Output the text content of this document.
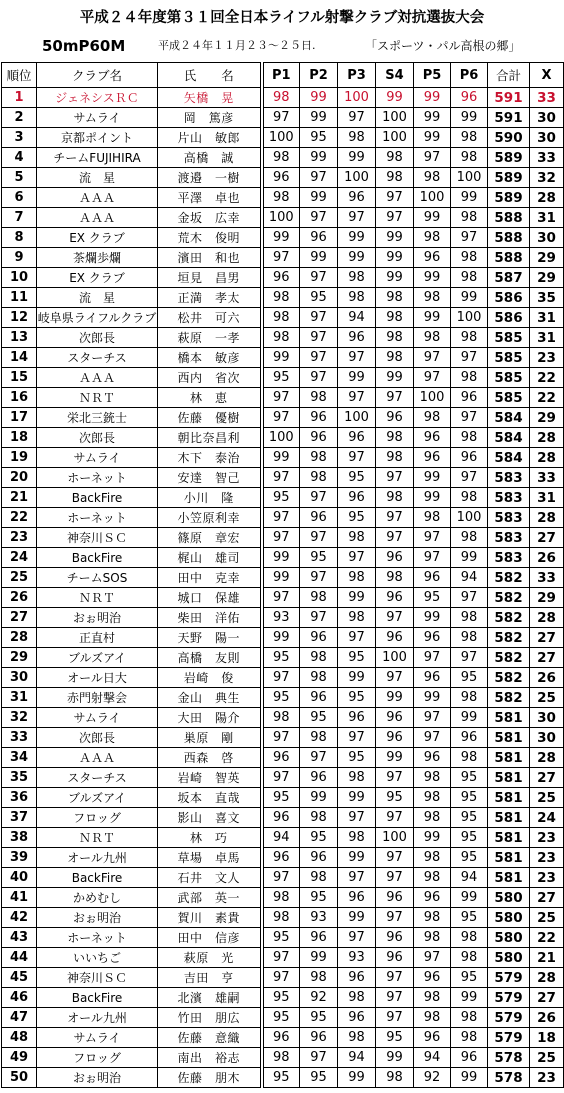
平成２４年度第３１回全日本ライフル射撃クラブ対抗選抜大会
50mP60M	平成２４年１１月２３～２５日.	「スポーツ・パル高根の郷」
順位	クラブ名	氏　　名	P1	P2	P3	S4	P5	P6	合計	X
1	ジェネシスＲＣ	矢橋　晃	98	99	100	99	99	96	591	33
2	サムライ	岡　篤彦	97	99	97	100	99	99	591	30
3	京都ポイント	片山　敏郎	100	95	98	100	99	98	590	30
4	チームFUJIHIRA	高橋　誠	98	99	99	98	97	98	589	33
5	流　星	渡邉　一樹	96	97	100	98	98	100	589	32
6	ＡＡＡ	平澤　卓也	98	99	96	97	100	99	589	28
7	ＡＡＡ	金坂　広幸	100	97	97	97	99	98	588	31
8	EX クラブ	荒木　俊明	99	96	99	99	98	97	588	30
9	茶爛歩爛	濱田　和也	97	99	99	99	96	98	588	29
10	EX クラブ	垣見　昌男	96	97	98	99	99	98	587	29
11	流　星	正満　孝太	98	95	98	98	98	99	586	35
12	岐阜県ライフルクラブ	松井　可六	98	97	94	98	99	100	586	31
13	次郎長	萩原　一孝	98	97	96	98	98	98	585	31
14	スターチス	橋本　敏彦	99	97	97	98	97	97	585	23
15	ＡＡＡ	西内　省次	95	97	99	99	97	98	585	22
16	ＮＲＴ	林　恵	97	98	97	97	100	96	585	22
17	栄北三銃士	佐藤　優樹	97	96	100	96	98	97	584	29
18	次郎長	朝比奈昌利	100	96	96	98	96	98	584	28
19	サムライ	木下　泰治	99	98	97	98	96	96	584	28
20	ホーネット	安達　智己	97	98	95	97	99	97	583	33
21	BackFire	小川　隆	95	97	96	98	99	98	583	31
22	ホーネット	小笠原利幸	97	96	95	97	98	100	583	28
23	神奈川ＳＣ	篠原　章宏	97	97	98	97	97	98	583	27
24	BackFire	梶山　雄司	99	95	97	96	97	99	583	26
25	チームSOS	田中　克幸	99	97	98	98	96	94	582	33
26	ＮＲＴ	城口　保雄	97	98	99	96	95	97	582	29
27	おぉ明治	柴田　洋佑	93	97	98	97	99	98	582	28
28	正直村	天野　陽一	99	96	97	96	96	98	582	27
29	ブルズアイ	高橋　友則	95	98	95	100	97	97	582	27
30	オール日大	岩崎　俊	97	98	99	97	96	95	582	26
31	赤門射撃会	金山　典生	95	96	95	99	99	98	582	25
32	サムライ	大田　陽介	98	95	96	96	97	99	581	30
33	次郎長	巣原　剛	97	98	97	96	97	96	581	30
34	ＡＡＡ	西森　啓	96	97	95	99	96	98	581	28
35	スターチス	岩崎　智英	97	96	98	97	98	95	581	27
36	ブルズアイ	坂本　直哉	95	99	99	95	98	95	581	25
37	フロッグ	影山　喜文	96	98	97	97	98	95	581	24
38	ＮＲＴ	林　巧	94	95	98	100	99	95	581	23
39	オール九州	草場　卓馬	96	96	99	97	98	95	581	23
40	BackFire	石井　文人	97	98	97	97	98	94	581	23
41	かめむし	武部　英一	98	95	96	96	96	99	580	27
42	おぉ明治	賀川　素貴	98	93	99	97	98	95	580	25
43	ホーネット	田中　信彦	95	96	97	96	98	98	580	22
44	いいちご	萩原　光	97	99	93	96	97	98	580	21
45	神奈川ＳＣ	吉田　亨	97	98	96	97	96	95	579	28
46	BackFire	北濱　雄嗣	95	92	98	97	98	99	579	27
47	オール九州	竹田　朋広	95	95	96	97	98	98	579	26
48	サムライ	佐藤　意織	96	96	98	95	96	98	579	18
49	フロッグ	南出　裕志	98	97	94	99	94	96	578	25
50	おぉ明治	佐藤　朋木	95	95	99	98	92	99	578	23
